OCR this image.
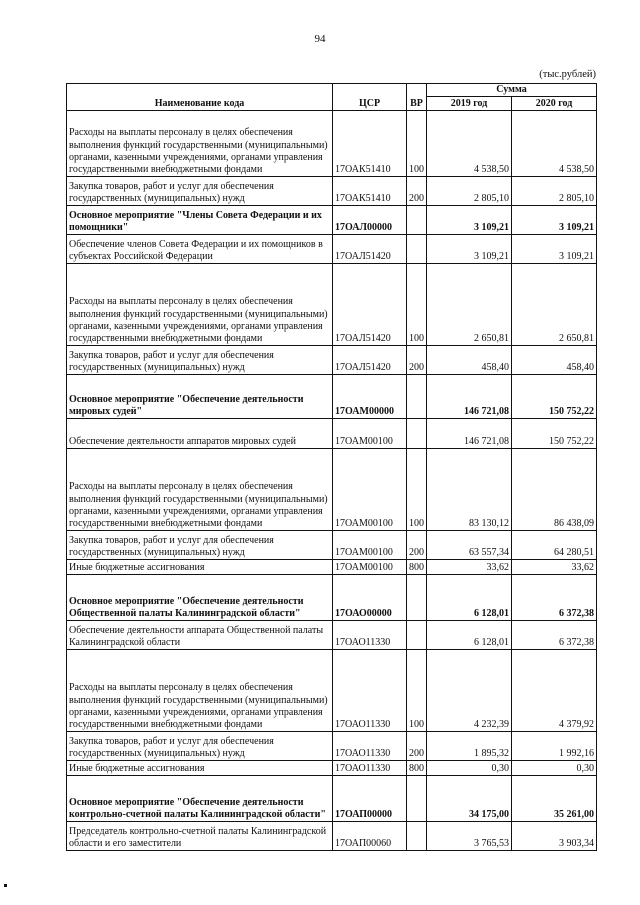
94
(тыс.рублей)
Наименование кода	ЦСР	ВР	Сумма	
			2019 год	2020 год
Расходы на выплаты персоналу в целях обеспечения выполнения функций государственными (муниципальными) органами, казенными учреждениями, органами управления государственными внебюджетными фондами	17ОАК51410	100	4 538,50	4 538,50
Закупка товаров, работ и услуг для обеспечения государственных (муниципальных) нужд	17ОАК51410	200	2 805,10	2 805,10
Основное мероприятие "Члены Совета Федерации и их помощники"	17ОАЛ00000		3 109,21	3 109,21
Обеспечение членов Совета Федерации и их помощников в субъектах Российской Федерации	17ОАЛ51420		3 109,21	3 109,21
Расходы на выплаты персоналу в целях обеспечения выполнения функций государственными (муниципальными) органами, казенными учреждениями, органами управления государственными внебюджетными фондами	17ОАЛ51420	100	2 650,81	2 650,81
Закупка товаров, работ и услуг для обеспечения государственных (муниципальных) нужд	17ОАЛ51420	200	458,40	458,40
Основное мероприятие "Обеспечение деятельности мировых судей"	17ОАМ00000		146 721,08	150 752,22
Обеспечение деятельности аппаратов мировых судей	17ОАМ00100		146 721,08	150 752,22
Расходы на выплаты персоналу в целях обеспечения выполнения функций государственными (муниципальными) органами, казенными учреждениями, органами управления государственными внебюджетными фондами	17ОАМ00100	100	83 130,12	86 438,09
Закупка товаров, работ и услуг для обеспечения государственных (муниципальных) нужд	17ОАМ00100	200	63 557,34	64 280,51
Иные бюджетные ассигнования	17ОАМ00100	800	33,62	33,62
Основное мероприятие "Обеспечение деятельности Общественной палаты Калининградской области"	17ОАО00000		6 128,01	6 372,38
Обеспечение деятельности аппарата Общественной палаты Калининградской области	17ОАО11330		6 128,01	6 372,38
Расходы на выплаты персоналу в целях обеспечения выполнения функций государственными (муниципальными) органами, казенными учреждениями, органами управления государственными внебюджетными фондами	17ОАО11330	100	4 232,39	4 379,92
Закупка товаров, работ и услуг для обеспечения государственных (муниципальных) нужд	17ОАО11330	200	1 895,32	1 992,16
Иные бюджетные ассигнования	17ОАО11330	800	0,30	0,30
Основное мероприятие "Обеспечение деятельности контрольно-счетной палаты Калининградской области"	17ОАП00000		34 175,00	35 261,00
Председатель контрольно-счетной палаты Калининградской области и его заместители	17ОАП00060		3 765,53	3 903,34
